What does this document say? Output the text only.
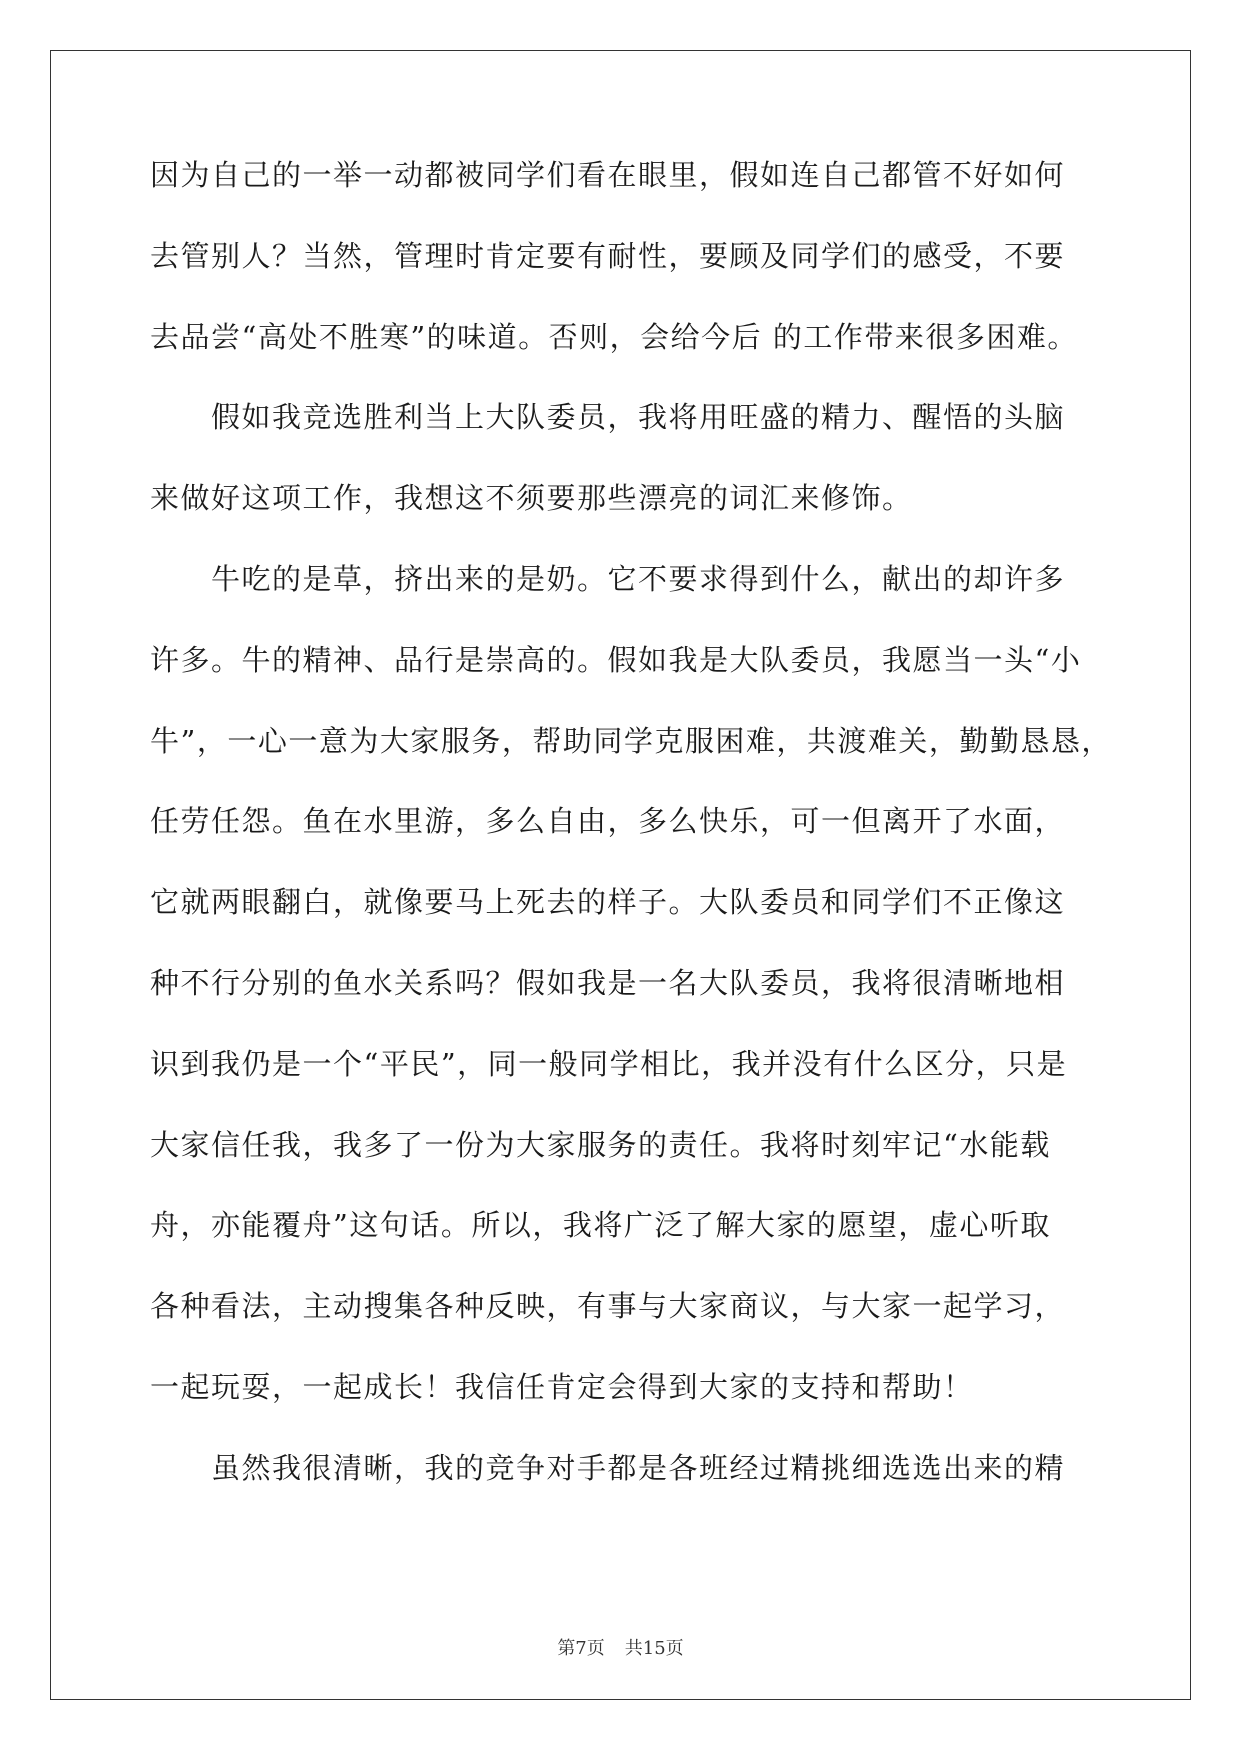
因为自己的一举一动都被同学们看在眼里，假如连自己都管不好如何
去管别人？当然，管理时肯定要有耐性，要顾及同学们的感受，不要
去品尝“高处不胜寒”的味道。否则，会给今后 的工作带来很多困难。
假如我竞选胜利当上大队委员，我将用旺盛的精力、醒悟的头脑
来做好这项工作，我想这不须要那些漂亮的词汇来修饰。
牛吃的是草，挤出来的是奶。它不要求得到什么，献出的却许多
许多。牛的精神、品行是崇高的。假如我是大队委员，我愿当一头“小
牛”，一心一意为大家服务，帮助同学克服困难，共渡难关，勤勤恳恳，
任劳任怨。鱼在水里游，多么自由，多么快乐，可一但离开了水面，
它就两眼翻白，就像要马上死去的样子。大队委员和同学们不正像这
种不行分别的鱼水关系吗？假如我是一名大队委员，我将很清晰地相
识到我仍是一个“平民”，同一般同学相比，我并没有什么区分，只是
大家信任我，我多了一份为大家服务的责任。我将时刻牢记“水能载
舟，亦能覆舟”这句话。所以，我将广泛了解大家的愿望，虚心听取
各种看法，主动搜集各种反映，有事与大家商议，与大家一起学习，
一起玩耍，一起成长！我信任肯定会得到大家的支持和帮助！
虽然我很清晰，我的竞争对手都是各班经过精挑细选选出来的精
第7页 共15页
